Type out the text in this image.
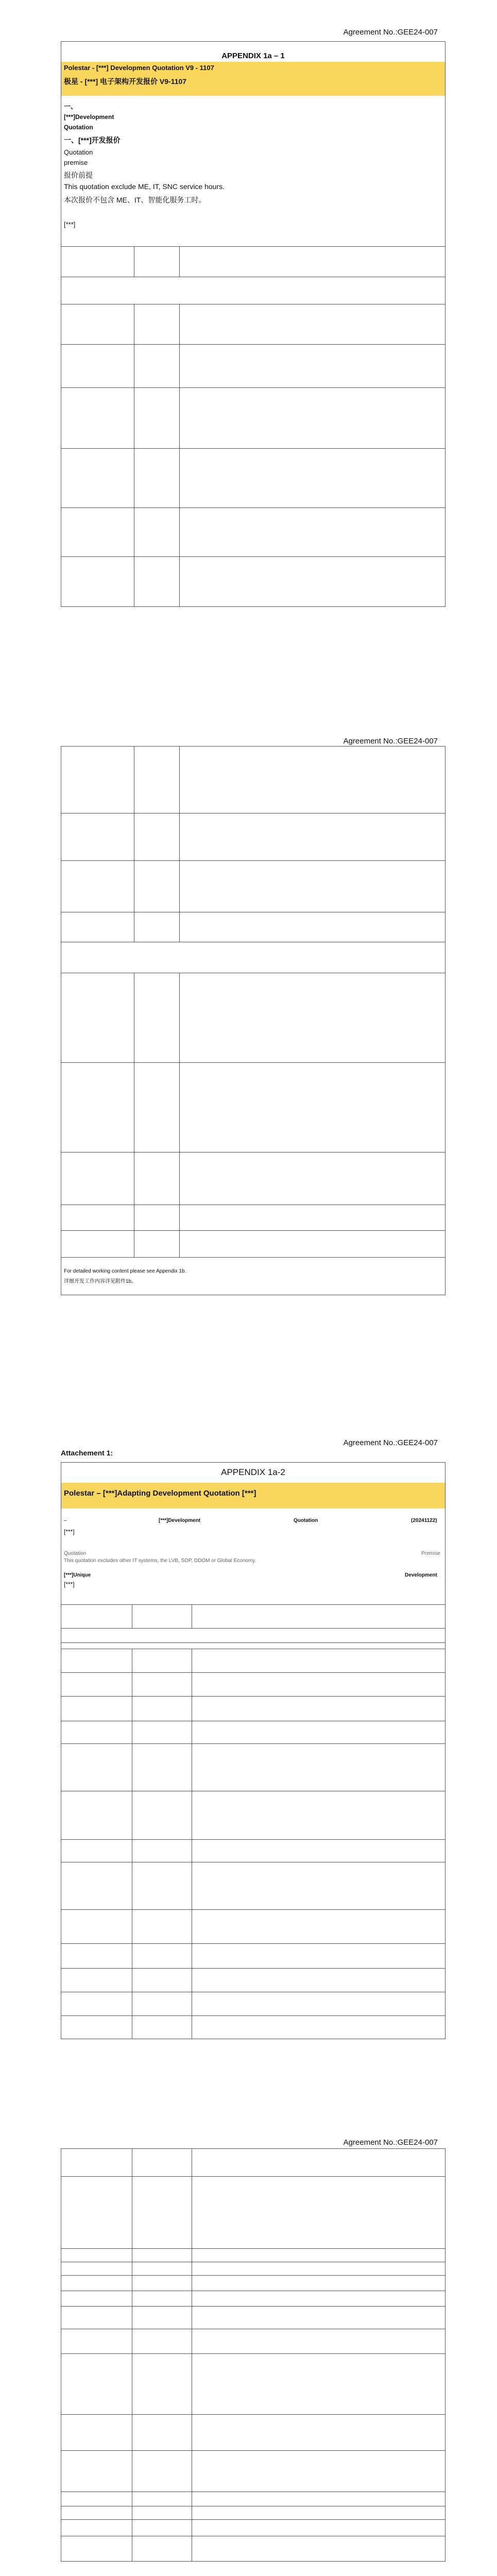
Agreement No.:GEE24-007
APPENDIX 1a – 1
Polestar - [***] Developmen Quotation V9 - 1107
极星 - [***] 电子架构开发报价 V9-1107
一、
[***]Development
Quotation
一、[***]开发报价
Quotation
premise
报价前提
This quotation exclude ME, IT, SNC service hours.
本次报价不包含 ME、IT、智能化服务工时。
[***]
Agreement No.:GEE24-007
For detailed working content please see Appendix 1b.
详细开发工作内容详见附件1b。
Agreement No.:GEE24-007
Attachement 1:
APPENDIX 1a-2
Polestar – [***]Adapting Development Quotation [***]
–	[***]Development	Quotation	(20241122)
[***]
Quotation	Premise
This quotation excludes other IT systems, the LVB, SOP, DDOM or Global Economy.
[***]Unique	Development
[***]
Agreement No.:GEE24-007
